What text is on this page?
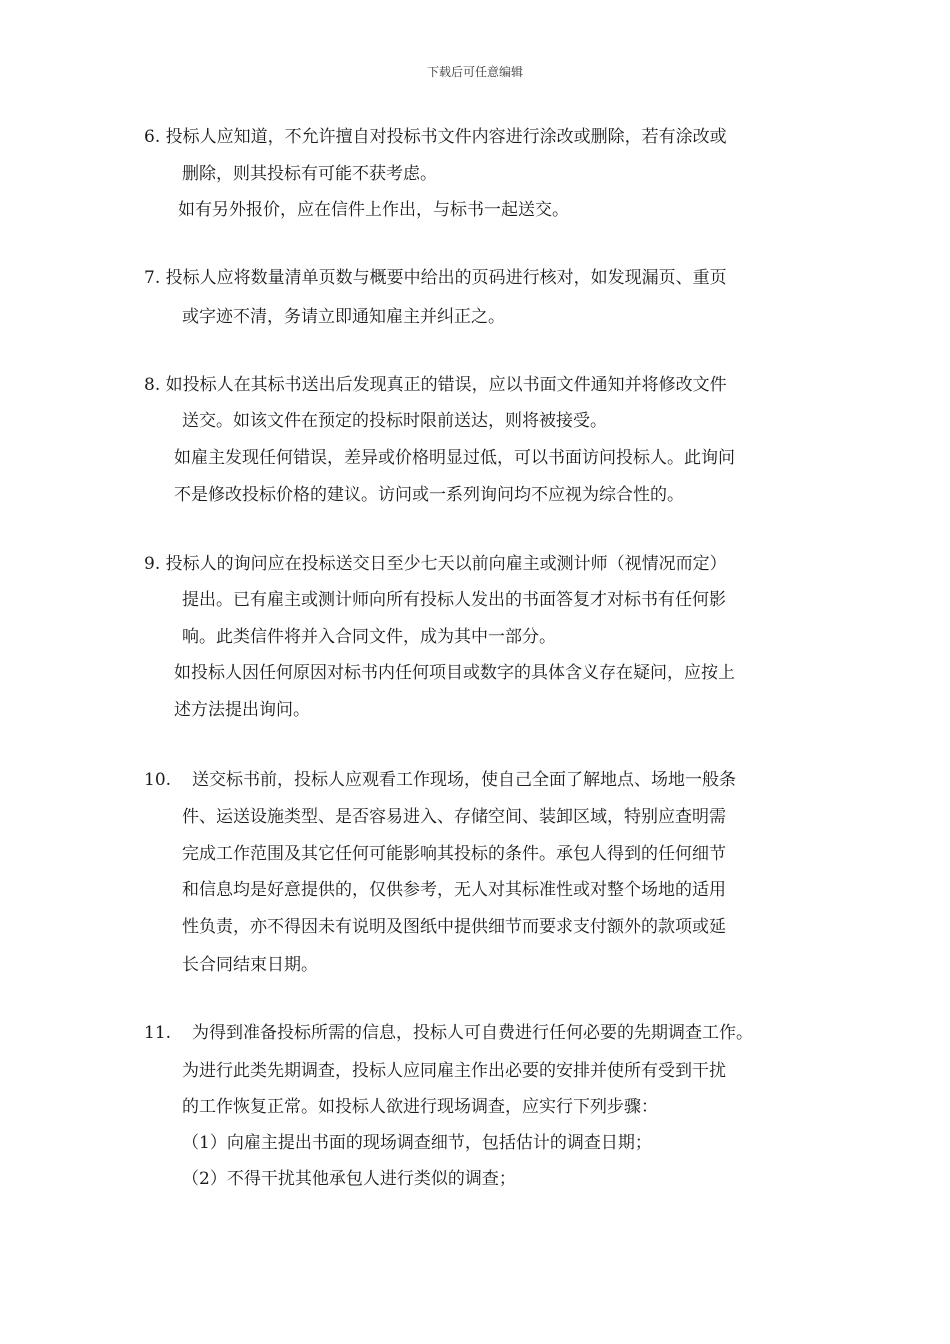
下载后可任意编辑
6. 投标人应知道，不允许擅自对投标书文件内容进行涂改或删除，若有涂改或
删除，则其投标有可能不获考虑。
如有另外报价，应在信件上作出，与标书一起送交。
7. 投标人应将数量清单页数与概要中给出的页码进行核对，如发现漏页、重页
或字迹不清，务请立即通知雇主并纠正之。
8. 如投标人在其标书送出后发现真正的错误，应以书面文件通知并将修改文件
送交。如该文件在预定的投标时限前送达，则将被接受。
如雇主发现任何错误，差异或价格明显过低，可以书面访问投标人。此询问
不是修改投标价格的建议。访问或一系列询问均不应视为综合性的。
9. 投标人的询问应在投标送交日至少七天以前向雇主或测计师（视情况而定）
提出。已有雇主或测计师向所有投标人发出的书面答复才对标书有任何影
响。此类信件将并入合同文件，成为其中一部分。
如投标人因任何原因对标书内任何项目或数字的具体含义存在疑问，应按上
述方法提出询问。
10. 送交标书前，投标人应观看工作现场，使自己全面了解地点、场地一般条
件、运送设施类型、是否容易进入、存储空间、装卸区域，特别应查明需
完成工作范围及其它任何可能影响其投标的条件。承包人得到的任何细节
和信息均是好意提供的，仅供参考，无人对其标准性或对整个场地的适用
性负责，亦不得因未有说明及图纸中提供细节而要求支付额外的款项或延
长合同结束日期。
11. 为得到准备投标所需的信息，投标人可自费进行任何必要的先期调查工作。
为进行此类先期调查，投标人应同雇主作出必要的安排并使所有受到干扰
的工作恢复正常。如投标人欲进行现场调查，应实行下列步骤：
（1）向雇主提出书面的现场调查细节，包括估计的调查日期；
（2）不得干扰其他承包人进行类似的调查；
